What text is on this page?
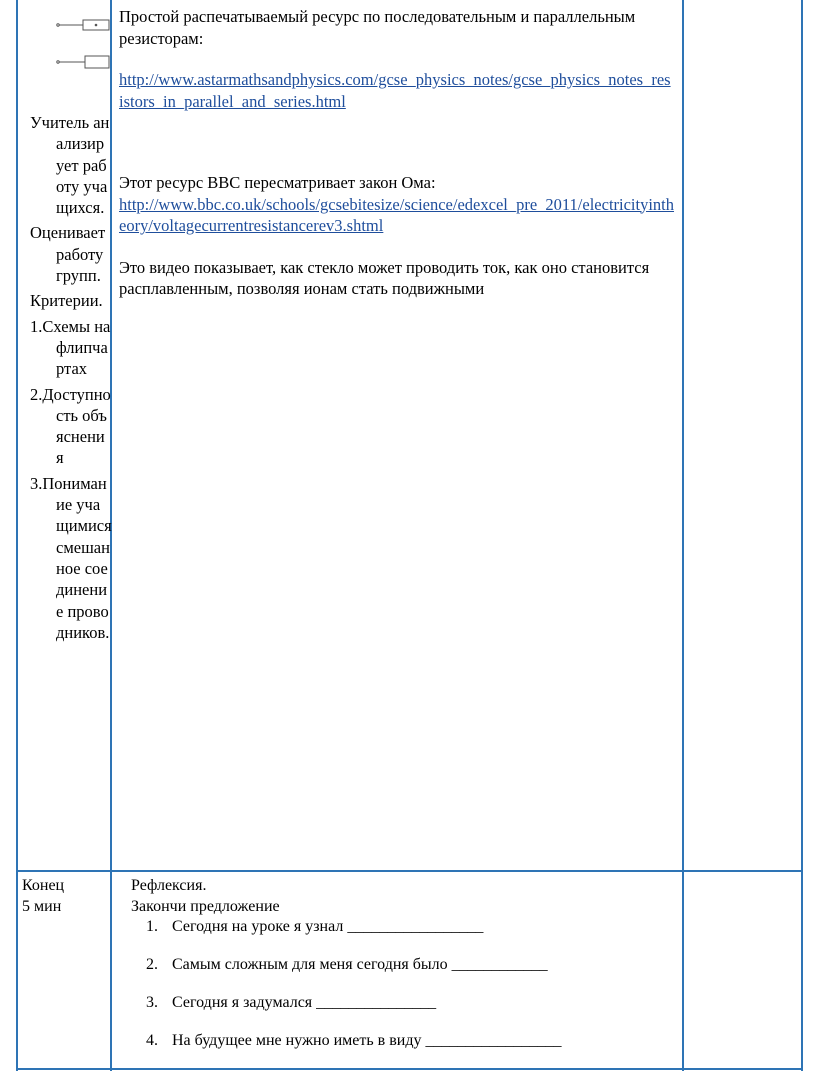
Учитель анализирует работу учащихся.

Оценивает работу групп.

Критерии.

1.Схемы на флипчартах

2.Доступность объяснения

3.Понимание учащимися смешанное соединение проводников.

Простой распечатываемый ресурс по последовательным и параллельным резисторам:

http://www.astarmathsandphysics.com/gcse_physics_notes/gcse_physics_notes_resistors_in_parallel_and_series.html

Этот ресурс BBC пересматривает закон Ома:

http://www.bbc.co.uk/schools/gcsebitesize/science/edexcel_pre_2011/electricityintheory/voltagecurrentresistancerev3.shtml

Это видео показывает, как стекло может проводить ток, как оно становится расплавленным, позволяя ионам стать подвижными

Конец

5 мин

Рефлексия.

Закончи предложение

1. Сегодня на уроке я узнал _________________
2. Самым сложным для меня сегодня было ____________
3. Сегодня я задумался _______________
4. На будущее мне нужно иметь в виду _________________
